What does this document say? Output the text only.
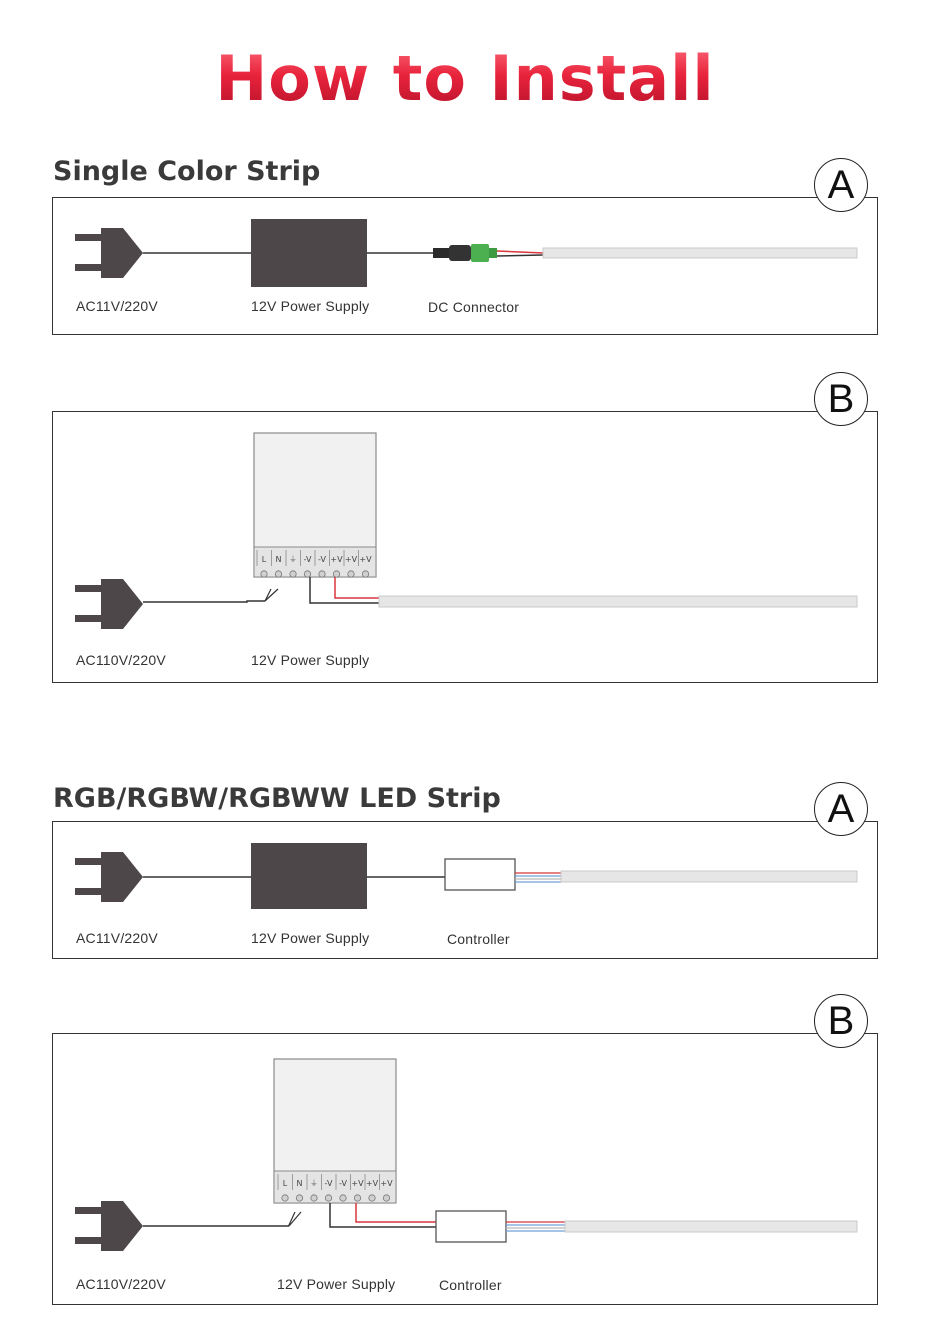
How to Install
Single Color Strip
AC11V/220V	12V Power Supply	DC Connector
A
L N ⏚ -V -V +V +V +V
AC110V/220V	12V Power Supply
B
RGB/RGBW/RGBWW LED Strip
AC11V/220V	12V Power Supply	Controller
A
L N ⏚ -V -V +V +V +V
AC110V/220V	12V Power Supply	Controller
B
